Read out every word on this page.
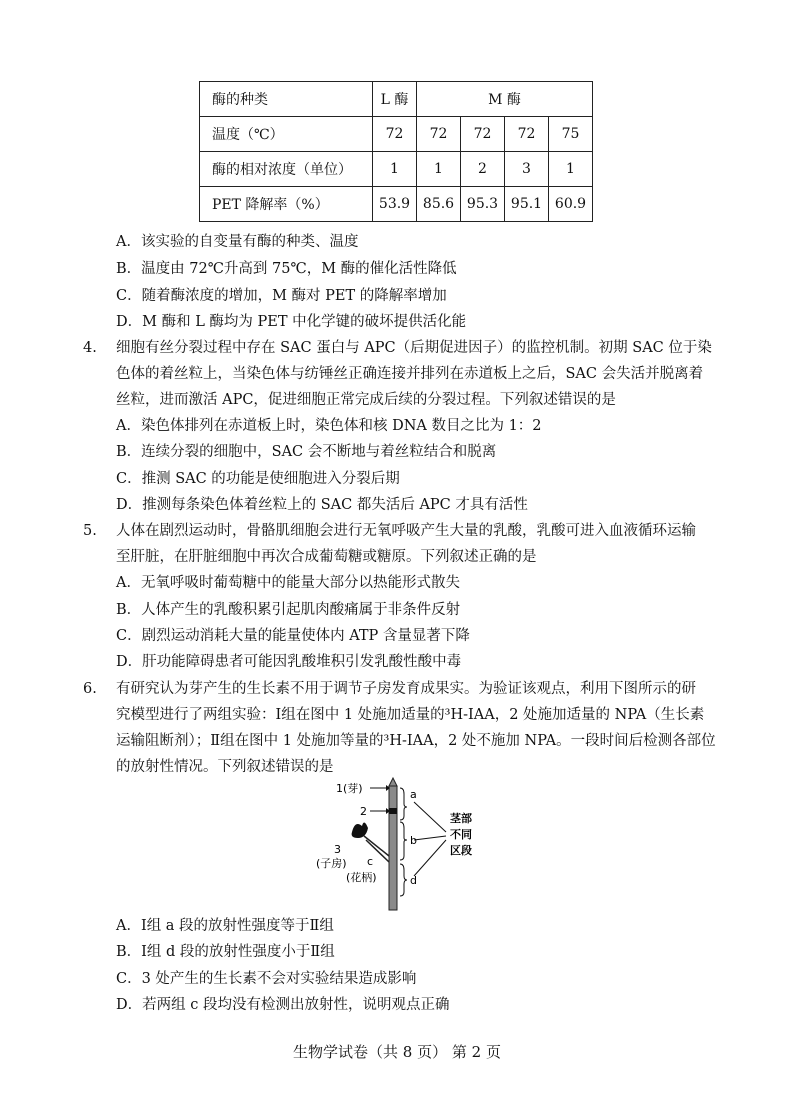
酶的种类	L 酶	M 酶			
温度（℃）	72	72	72	72	75
酶的相对浓度（单位）	1	1	2	3	1
PET 降解率（%）	53.9	85.6	95.3	95.1	60.9
A．该实验的自变量有酶的种类、温度
B．温度由 72℃升高到 75℃，M 酶的催化活性降低
C．随着酶浓度的增加，M 酶对 PET 的降解率增加
D．M 酶和 L 酶均为 PET 中化学键的破坏提供活化能
4. 细胞有丝分裂过程中存在 SAC 蛋白与 APC（后期促进因子）的监控机制。初期 SAC 位于染
色体的着丝粒上，当染色体与纺锤丝正确连接并排列在赤道板上之后，SAC 会失活并脱离着
丝粒，进而激活 APC，促进细胞正常完成后续的分裂过程。下列叙述错误的是
A．染色体排列在赤道板上时，染色体和核 DNA 数目之比为 1：2
B．连续分裂的细胞中，SAC 会不断地与着丝粒结合和脱离
C．推测 SAC 的功能是使细胞进入分裂后期
D．推测每条染色体着丝粒上的 SAC 都失活后 APC 才具有活性
5. 人体在剧烈运动时，骨骼肌细胞会进行无氧呼吸产生大量的乳酸，乳酸可进入血液循环运输
至肝脏，在肝脏细胞中再次合成葡萄糖或糖原。下列叙述正确的是
A．无氧呼吸时葡萄糖中的能量大部分以热能形式散失
B．人体产生的乳酸积累引起肌肉酸痛属于非条件反射
C．剧烈运动消耗大量的能量使体内 ATP 含量显著下降
D．肝功能障碍患者可能因乳酸堆积引发乳酸性酸中毒
6. 有研究认为芽产生的生长素不用于调节子房发育成果实。为验证该观点，利用下图所示的研
究模型进行了两组实验：Ⅰ组在图中 1 处施加适量的³H-IAA，2 处施加适量的 NPA（生长素
运输阻断剂）；Ⅱ组在图中 1 处施加等量的³H-IAA，2 处不施加 NPA。一段时间后检测各部位
的放射性情况。下列叙述错误的是
1(芽)
2
3
(子房) c
(花柄)
a
b
d
茎部
不同
区段
A．Ⅰ组 a 段的放射性强度等于Ⅱ组
B．Ⅰ组 d 段的放射性强度小于Ⅱ组
C．3 处产生的生长素不会对实验结果造成影响
D．若两组 c 段均没有检测出放射性，说明观点正确
生物学试卷（共 8 页） 第 2 页
